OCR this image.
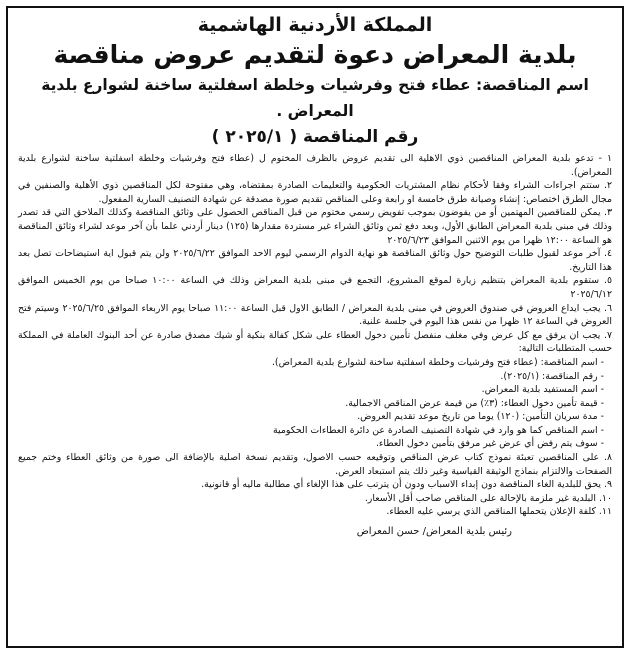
المملكة الأردنية الهاشمية
بلدية المعراض دعوة لتقديم عروض مناقصة
اسم المناقصة: عطاء فتح وفرشيات وخلطة اسفلتية ساخنة لشوارع بلدية المعراض .
رقم المناقصة ( ٢٠٢٥/١ )

١ - تدعو بلدية المعراض المناقصين ذوي الاهلية الى تقديم عروض بالظرف المختوم ل (عطاء فتح وفرشيات وخلطة اسفلتية ساخنة لشوارع بلدية المعراض).

٢. ستتم اجراءات الشراء وفقا لأحكام نظام المشتريات الحكومية والتعليمات الصادرة بمقتضاه، وهي مفتوحة لكل المناقصين ذوي الأهلية والصنفين في مجال الطرق اختصاص: إنشاء وصيانة طرق خامسة او رابعة وعلى المناقص تقديم صورة مصدقة عن شهادة التصنيف السارية المفعول.

٣. يمكن للمناقصين المهتمين أو من يفوضون بموجب تفويض رسمي مختوم من قبل المناقص الحصول على وثائق المناقصة وكذلك الملاحق التي قد تصدر وذلك في مبنى بلدية المعراض الطابق الأول، وبعد دفع ثمن وثائق الشراء غير مستردة مقدارها (١٢٥) دينار أردني علما بأن آخر موعد لشراء وثائق المناقصة هو الساعة ١٢:٠٠ ظهرا من يوم الاثنين الموافق ٢٠٢٥/٦/٢٣

٤. آخر موعد لقبول طلبات التوضيح حول وثائق المناقصة هو نهاية الدوام الرسمي ليوم الاحد الموافق ٢٠٢٥/٦/٢٢ ولن يتم قبول اية استيضاحات تصل بعد هذا التاريخ.

٥. ستقوم بلدية المعراض بتنظيم زيارة لموقع المشروع، التجمع في مبنى بلدية المعراض وذلك في الساعة ١٠:٠٠ صباحا من يوم الخميس الموافق ٢٠٢٥/٦/١٢

٦. يجب ايداع العروض في صندوق العروض في مبنى بلدية المعراض / الطابق الاول قبل الساعة ١١:٠٠ صباحا يوم الاربعاء الموافق ٢٠٢٥/٦/٢٥ وسيتم فتح العروض في الساعة ١٢ ظهرا من نفس هذا اليوم في جلسة علنية.

٧. يجب ان يرفق مع كل عرض وفي مغلف منفصل تأمين دخول العطاء على شكل كفالة بنكية أو شيك مصدق صادرة عن أحد البنوك العاملة في المملكة حسب المتطلبات التالية:

- اسم المناقصة: (عطاء فتح وفرشيات وخلطة اسفلتية ساخنة لشوارع بلدية المعراض).

- رقم المناقصة: (٢٠٢٥/١).

- اسم المستفيد بلدية المعراض.

- قيمة تأمين دخول العطاء: (٣٪) من قيمة عرض المناقص الاجمالية.

- مدة سريان التأمين: (١٢٠) يوما من تاريخ موعد تقديم العروض.

- اسم المناقص كما هو وارد في شهادة التصنيف الصادرة عن دائرة العطاءات الحكومية

- سوف يتم رفض أي عرض غير مرفق بتأمين دخول العطاء.

٨. على المناقصين تعبئة نموذج كتاب عرض المناقص وتوقيعه حسب الاصول، وتقديم نسخة اصلية بالإضافة الى صورة من وثائق العطاء وختم جميع الصفحات والالتزام بنماذج الوثيقة القياسية وغير ذلك يتم استبعاد العرض.

٩. يحق للبلدية الغاء المناقصة دون إبداء الاسباب ودون أن يترتب على هذا الإلغاء أي مطالبة ماليه أو قانونية.

١٠. البلدية غير ملزمة بالإحالة على المناقص صاحب أقل الأسعار.

١١. كلفة الإعلان يتحملها المناقص الذي يرسي عليه العطاء.

رئيس بلدية المعراض/ حسن المعراض
